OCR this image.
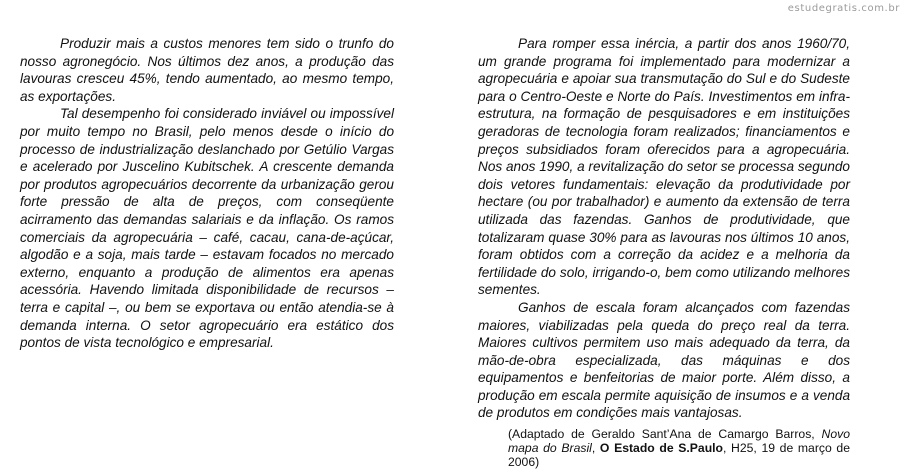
estudegratis.com.br

Produzir mais a custos menores tem sido o trunfo do nosso agronegócio. Nos últimos dez anos, a produção das lavouras cresceu 45%, tendo aumentado, ao mesmo tempo, as exportações.

Tal desempenho foi considerado inviável ou impossível por muito tempo no Brasil, pelo menos desde o início do processo de industrialização deslanchado por Getúlio Vargas e acelerado por Juscelino Kubitschek. A crescente demanda por produtos agropecuários decorrente da urbanização gerou forte pressão de alta de preços, com conseqüente acirramento das demandas salariais e da inflação. Os ramos comerciais da agropecuária – café, cacau, cana-de-açúcar, algodão e a soja, mais tarde – estavam focados no mercado externo, enquanto a produção de alimentos era apenas acessória. Havendo limitada disponibilidade de recursos – terra e capital –, ou bem se exportava ou então atendia-se à demanda interna. O setor agropecuário era estático dos pontos de vista tecnológico e empresarial.

Para romper essa inércia, a partir dos anos 1960/70, um grande programa foi implementado para modernizar a agropecuária e apoiar sua transmutação do Sul e do Sudeste para o Centro-Oeste e Norte do País. Investimentos em infra-estrutura, na formação de pesquisadores e em instituições geradoras de tecnologia foram realizados; financiamentos e preços subsidiados foram oferecidos para a agropecuária. Nos anos 1990, a revitalização do setor se processa segundo dois vetores fundamentais: elevação da produtividade por hectare (ou por trabalhador) e aumento da extensão de terra utilizada das fazendas. Ganhos de produtividade, que totalizaram quase 30% para as lavouras nos últimos 10 anos, foram obtidos com a correção da acidez e a melhoria da fertilidade do solo, irrigando-o, bem como utilizando melhores sementes.

Ganhos de escala foram alcançados com fazendas maiores, viabilizadas pela queda do preço real da terra. Maiores cultivos permitem uso mais adequado da terra, da mão-de-obra especializada, das máquinas e dos equipamentos e benfeitorias de maior porte. Além disso, a produção em escala permite aquisição de insumos e a venda de produtos em condições mais vantajosas.

(Adaptado de Geraldo Sant’Ana de Camargo Barros, Novo mapa do Brasil, O Estado de S.Paulo, H25, 19 de março de 2006)
